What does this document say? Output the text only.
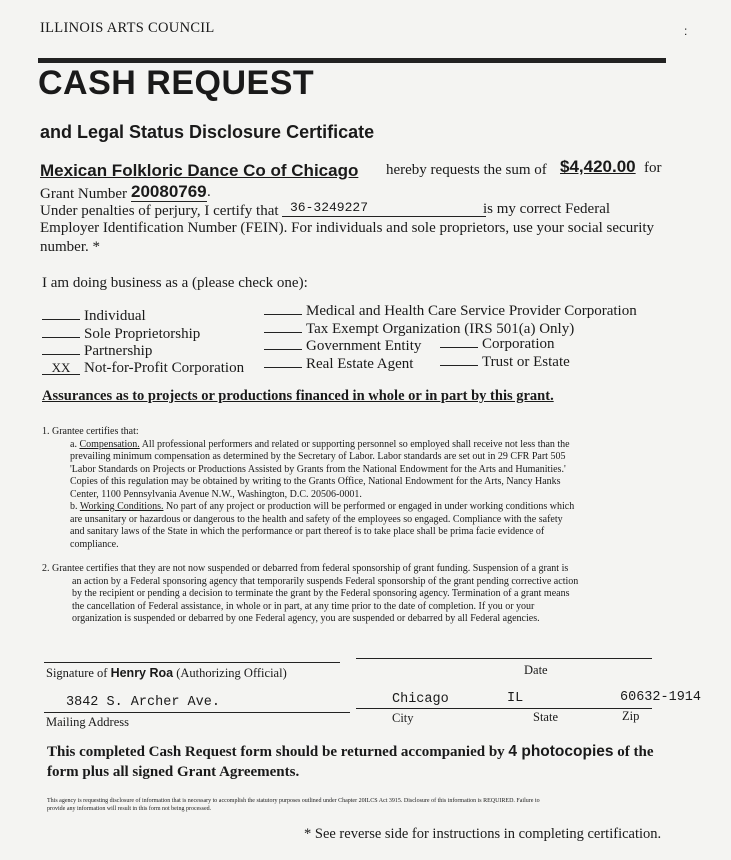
ILLINOIS ARTS COUNCIL	:
CASH REQUEST
and Legal Status Disclosure Certificate
Mexican Folkloric Dance Co of Chicago hereby requests the sum of $4,420.00 for
Grant Number 20080769 .
Under penalties of perjury, I certify that 36-3249227	is my correct Federal
Employer Identification Number (FEIN). For individuals and sole proprietors, use your social security
number. *
I am doing business as a (please check one):
Individual
Sole Proprietorship
Partnership
XX Not-for-Profit Corporation
Medical and Health Care Service Provider Corporation
Tax Exempt Organization (IRS 501(a) Only)
Government Entity
Real Estate Agent
Corporation
Trust or Estate
Assurances as to projects or productions financed in whole or in part by this grant.
1. Grantee certifies that:
a. Compensation. All professional performers and related or supporting personnel so employed shall receive not less than the
prevailing minimum compensation as determined by the Secretary of Labor. Labor standards are set out in 29 CFR Part 505
'Labor Standards on Projects or Productions Assisted by Grants from the National Endowment for the Arts and Humanities.'
Copies of this regulation may be obtained by writing to the Grants Office, National Endowment for the Arts, Nancy Hanks
Center, 1100 Pennsylvania Avenue N.W., Washington, D.C. 20506-0001.
b. Working Conditions. No part of any project or production will be performed or engaged in under working conditions which
are unsanitary or hazardous or dangerous to the health and safety of the employees so engaged. Compliance with the safety
and sanitary laws of the State in which the performance or part thereof is to take place shall be prima facie evidence of
compliance.
2. Grantee certifies that they are not now suspended or debarred from federal sponsorship of grant funding. Suspension of a grant is
an action by a Federal sponsoring agency that temporarily suspends Federal sponsorship of the grant pending corrective action
by the recipient or pending a decision to terminate the grant by the Federal sponsoring agency. Termination of a grant means
the cancellation of Federal assistance, in whole or in part, at any time prior to the date of completion. If you or your
organization is suspended or debarred by one Federal agency, you are suspended or debarred by all Federal agencies.
Signature of Henry Roa (Authorizing Official)	Date
3842 S. Archer Ave.	Chicago	IL	60632-1914
Mailing Address	City	State	Zip
This completed Cash Request form should be returned accompanied by 4 photocopies of the
form plus all signed Grant Agreements.
This agency is requesting disclosure of information that is necessary to accomplish the statutory purposes outlined under Chapter 20ILCS Act 3915. Disclosure of this information is REQUIRED. Failure to
provide any information will result in this form not being processed.
* See reverse side for instructions in completing certification.
